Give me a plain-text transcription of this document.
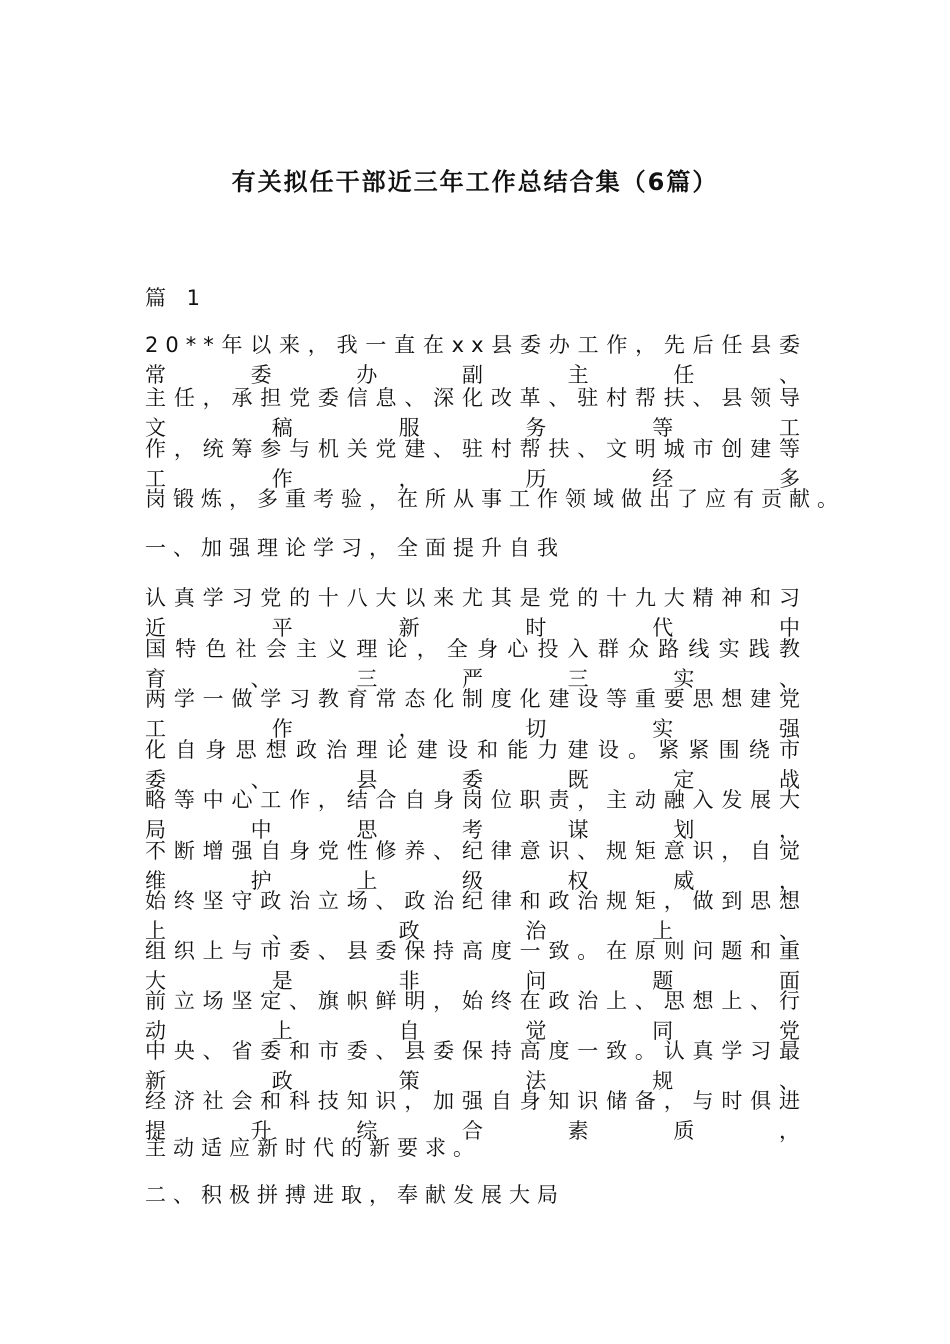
有关拟任干部近三年工作总结合集（6篇）
篇 1
20**年以来，我一直在xx县委办工作，先后任县委常委办副主任、
主任，承担党委信息、深化改革、驻村帮扶、县领导文稿服务等工
作，统筹参与机关党建、驻村帮扶、文明城市创建等工作，历经多
岗锻炼，多重考验，在所从事工作领域做出了应有贡献。
一、加强理论学习，全面提升自我
认真学习党的十八大以来尤其是党的十九大精神和习近平新时代中
国特色社会主义理论，全身心投入群众路线实践教育、三严三实、
两学一做学习教育常态化制度化建设等重要思想建党工作，切实强
化自身思想政治理论建设和能力建设。紧紧围绕市委、县委既定战
略等中心工作，结合自身岗位职责，主动融入发展大局中思考谋划，
不断增强自身党性修养、纪律意识、规矩意识，自觉维护上级权威，
始终坚守政治立场、政治纪律和政治规矩，做到思想上、政治上、
组织上与市委、县委保持高度一致。在原则问题和重大是非问题面
前立场坚定、旗帜鲜明，始终在政治上、思想上、行动上自觉同党
中央、省委和市委、县委保持高度一致。认真学习最新政策法规、
经济社会和科技知识，加强自身知识储备，与时俱进提升综合素质，
主动适应新时代的新要求。
二、积极拼搏进取，奉献发展大局
